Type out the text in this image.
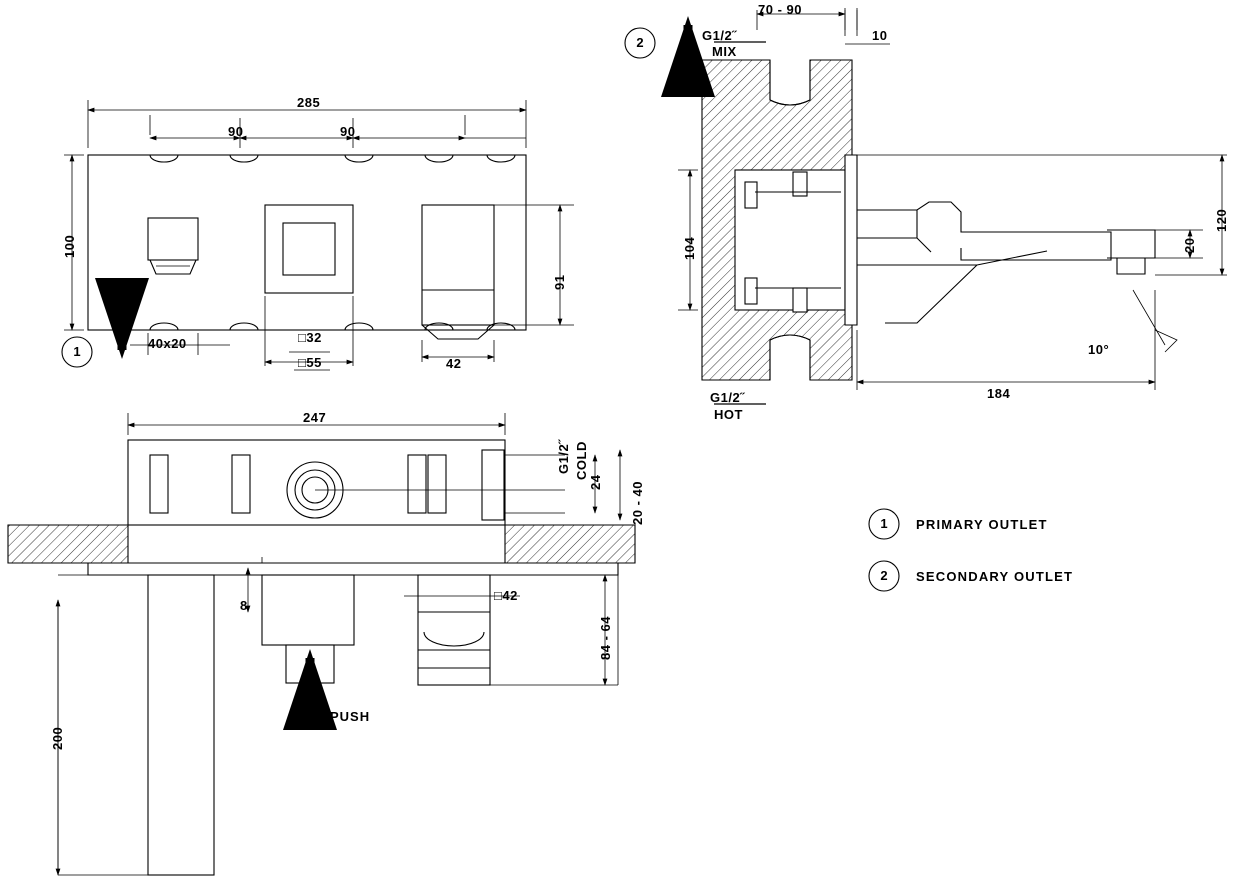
285
90	90
100
91
40x20	□32
□55	42
1
70 - 90
10
104
120
20
184
10°
G1/2˝
MIX
G1/2˝
HOT
2
247
24 20 - 40
8
□42
84 - 64
200
G1/2˝ COLD
PUSH
1	PRIMARY OUTLET
2	SECONDARY OUTLET
